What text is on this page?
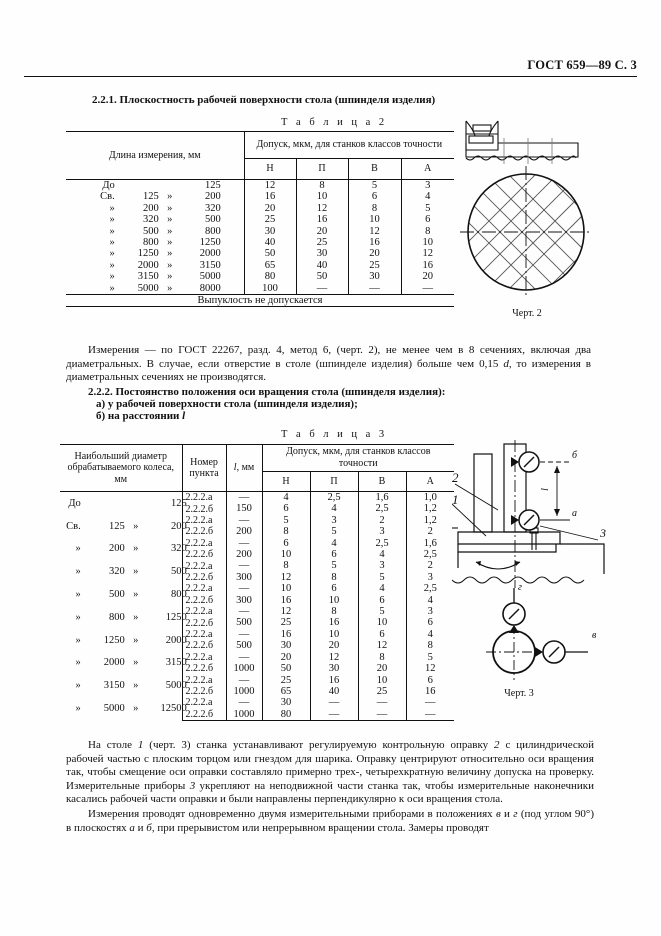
ГОСТ 659—89 С. 3
2.2.1. Плоскостность рабочей поверхности стола (шпинделя изделия)
Т а б л и ц а 2
Длина измерения, мм	Допуск, мкм, для станков классов точности			
	Н	П	В	А

До 125	12	8	5	3

Св. 125 » 200	16	10	6	4

» 200 » 320	20	12	8	5

» 320 » 500	25	16	10	6

» 500 » 800	30	20	12	8

» 800 » 1250	40	25	16	10

» 1250 » 2000	50	30	20	12

» 2000 » 3150	65	40	25	16

» 3150 » 5000	80	50	30	20

» 5000 » 8000	100	—	—	—
Выпуклость не допускается				
Черт. 2
Измерения — по ГОСТ 22267, разд. 4, метод 6, (черт. 2), не менее чем в 8 сечениях, включая два диаметральных. В случае, если отверстие в столе (шпинделе изделия) больше чем 0,15 d, то измерения в диаметральных сечениях не производятся.
2.2.2. Постоянство положения оси вращения стола (шпинделя изделия):
а) у рабочей поверхности стола (шпинделя изделия);
б) на расстоянии l
Т а б л и ц а 3
Наибольший диаметр обрабатываемого колеса, мм	Номер пункта	l, мм	Допуск, мкм, для станков классов точности			
			Н	П	В	А

До 125	2.2.2.а	—	4	2,5	1,6	1,0
	2.2.2.б	150	6	4	2,5	1,2

Св. 125 » 200	2.2.2.а	—	5	3	2	1,2
	2.2.2.б	200	8	5	3	2

» 200 » 320	2.2.2.а	—	6	4	2,5	1,6
	2.2.2.б	200	10	6	4	2,5

» 320 » 500	2.2.2.а	—	8	5	3	2
	2.2.2.б	300	12	8	5	3

» 500 » 800	2.2.2.а	—	10	6	4	2,5
	2.2.2.б	300	16	10	6	4

» 800 » 1250	2.2.2.а	—	12	8	5	3
	2.2.2.б	500	25	16	10	6

» 1250 » 2000	2.2.2.а	—	16	10	6	4
	2.2.2.б	500	30	20	12	8

» 2000 » 3150	2.2.2.а	—	20	12	8	5
	2.2.2.б	1000	50	30	20	12

» 3150 » 5000	2.2.2.а	—	25	16	10	6
	2.2.2.б	1000	65	40	25	16

» 5000 » 12500	2.2.2.а	—	30	—	—	—
	2.2.2.б	1000	80	—	—	—
б
а
l
3
2
1
г
в
Черт. 3
На столе 1 (черт. 3) станка устанавливают регулируемую контрольную оправку 2 с цилиндрической рабочей частью с плоским торцом или гнездом для шарика. Оправку центрируют относительно оси вращения так, чтобы смещение оси оправки составляло примерно трех-, четырехкратную величину допуска на проверку. Измерительные приборы 3 укрепляют на неподвижной части станка так, чтобы измерительные наконечники касались рабочей части оправки и были направлены перпендикулярно к оси вращения стола.
Измерения проводят одновременно двумя измерительными приборами в положениях в и г (под углом 90°) в плоскостях а и б, при прерывистом или непрерывном вращении стола. Замеры проводят
